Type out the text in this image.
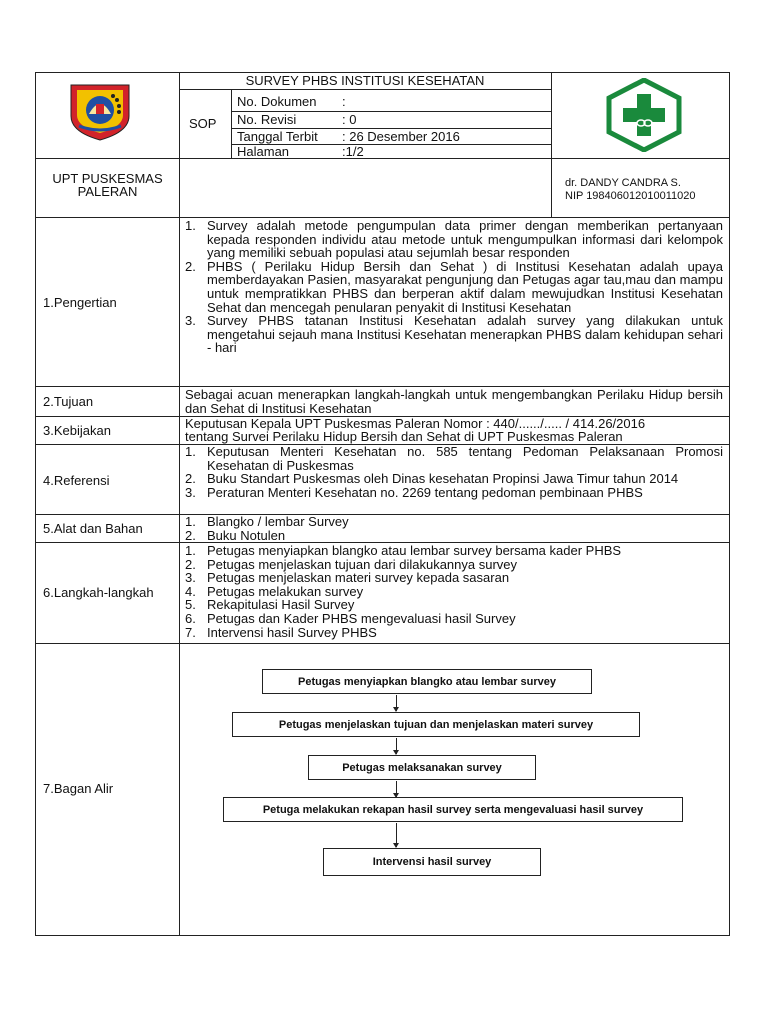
SURVEY PHBS INSTITUSI KESEHATAN
SOP
No. Dokumen :
No. Revisi	: 0
Tanggal Terbit : 26 Desember 2016
Halaman	:1/2
UPT PUSKESMAS
PALERAN
dr. DANDY CANDRA S.
NIP 198406012010011020
1.Pengertian
1. Survey adalah metode pengumpulan data primer dengan memberikan pertanyaan kepada responden individu atau metode untuk mengumpulkan informasi dari kelompok yang memiliki sebuah populasi atau sejumlah besar responden
2. PHBS ( Perilaku Hidup Bersih dan Sehat ) di Institusi Kesehatan adalah upaya memberdayakan Pasien, masyarakat pengunjung dan Petugas agar tau,mau dan mampu untuk mempratikkan PHBS dan berperan aktif dalam mewujudkan Institusi Kesehatan Sehat dan mencegah penularan penyakit di Institusi Kesehatan
3. Survey PHBS tatanan Institusi Kesehatan adalah survey yang dilakukan untuk mengetahui sejauh mana Institusi Kesehatan menerapkan PHBS dalam kehidupan sehari - hari
2.Tujuan	Sebagai acuan menerapkan langkah-langkah untuk mengembangkan Perilaku Hidup bersih dan Sehat di Institusi Kesehatan
3.Kebijakan	Keputusan Kepala UPT Puskesmas Paleran Nomor : 440/....../..... / 414.26/2016
tentang Survei Perilaku Hidup Bersih dan Sehat di UPT Puskesmas Paleran
4.Referensi
1. Keputusan Menteri Kesehatan no. 585 tentang Pedoman Pelaksanaan Promosi Kesehatan di Puskesmas
2. Buku Standart Puskesmas oleh Dinas kesehatan Propinsi Jawa Timur tahun 2014
3. Peraturan Menteri Kesehatan no. 2269 tentang pedoman pembinaan PHBS
5.Alat dan Bahan	1. Blangko / lembar Survey
2. Buku Notulen
6.Langkah-langkah
1. Petugas menyiapkan blangko atau lembar survey bersama kader PHBS
2. Petugas menjelaskan tujuan dari dilakukannya survey
3. Petugas menjelaskan materi survey kepada sasaran
4. Petugas melakukan survey
5. Rekapitulasi Hasil Survey
6. Petugas dan Kader PHBS mengevaluasi hasil Survey
7. Intervensi hasil Survey PHBS
7.Bagan Alir
Petugas menyiapkan blangko atau lembar survey
Petugas menjelaskan tujuan dan menjelaskan materi survey
Petugas melaksanakan survey
Petuga melakukan rekapan hasil survey serta mengevaluasi hasil survey
Intervensi hasil survey
